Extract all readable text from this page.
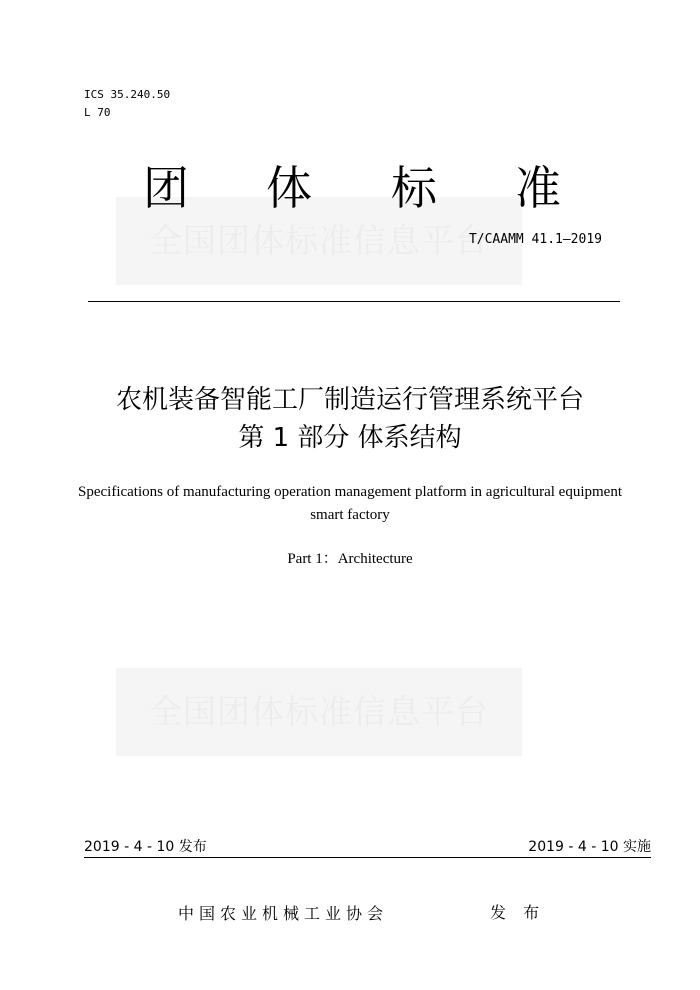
全国团体标准信息平台
全国团体标准信息平台
ICS 35.240.50
L 70
团 体 标 准
T/CAAMM 41.1—2019
农机装备智能工厂制造运行管理系统平台
第 1 部分 体系结构
Specifications of manufacturing operation management platform in agricultural equipment smart factory
Part 1：Architecture
2019 - 4 - 10 发布	2019 - 4 - 10 实施
中国农业机械工业协会	发 布
